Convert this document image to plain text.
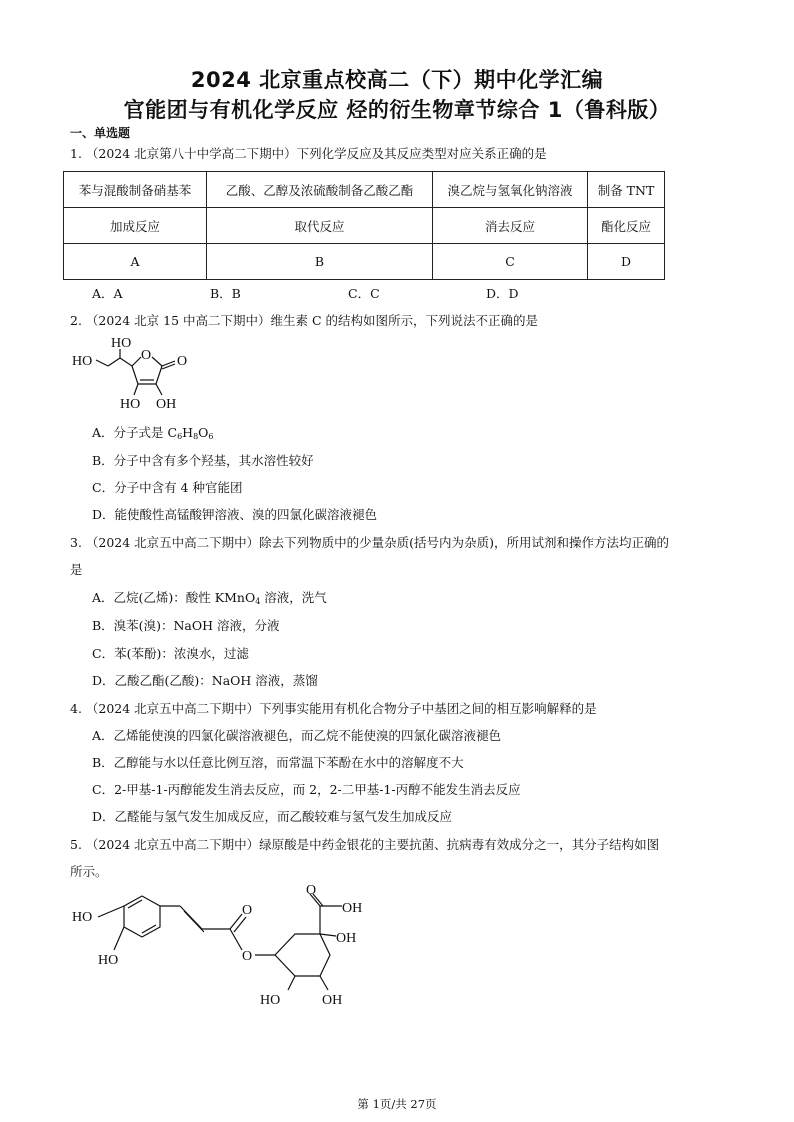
2024 北京重点校高二（下）期中化学汇编
官能团与有机化学反应 烃的衍生物章节综合 1（鲁科版）
一、单选题
1. （2024 北京第八十中学高二下期中）下列化学反应及其反应类型对应关系正确的是
苯与混酸制备硝基苯	乙酸、乙醇及浓硫酸制备乙酸乙酯	溴乙烷与氢氧化钠溶液	制备 TNT
加成反应	取代反应	消去反应	酯化反应
A	B	C	D
A．A	B．B	C．C	D．D
2. （2024 北京 15 中高二下期中）维生素 C 的结构如图所示，下列说法不正确的是
HO
HO
O O
HO OH
A．分子式是 $C_6H_8O_6$
B．分子中含有多个羟基，其水溶性较好
C．分子中含有 4 种官能团
D．能使酸性高锰酸钾溶液、溴的四氯化碳溶液褪色
3. （2024 北京五中高二下期中）除去下列物质中的少量杂质(括号内为杂质)，所用试剂和操作方法均正确的
是
A．乙烷(乙烯)：酸性 KMnO$_4$ 溶液，洗气
B．溴苯(溴)：NaOH 溶液，分液
C．苯(苯酚)：浓溴水，过滤
D．乙酸乙酯(乙酸)：NaOH 溶液，蒸馏
4. （2024 北京五中高二下期中）下列事实能用有机化合物分子中基团之间的相互影响解释的是
A．乙烯能使溴的四氯化碳溶液褪色，而乙烷不能使溴的四氯化碳溶液褪色
B．乙醇能与水以任意比例互溶，而常温下苯酚在水中的溶解度不大
C．2-甲基-1-丙醇能发生消去反应，而 2，2-二甲基-1-丙醇不能发生消去反应
D．乙醛能与氢气发生加成反应，而乙酸较难与氢气发生加成反应
5. （2024 北京五中高二下期中）绿原酸是中药金银花的主要抗菌、抗病毒有效成分之一，其分子结构如图
所示。
HO
HO
O
O
O
OH
OH
HO	OH
第 1页/共 27页
